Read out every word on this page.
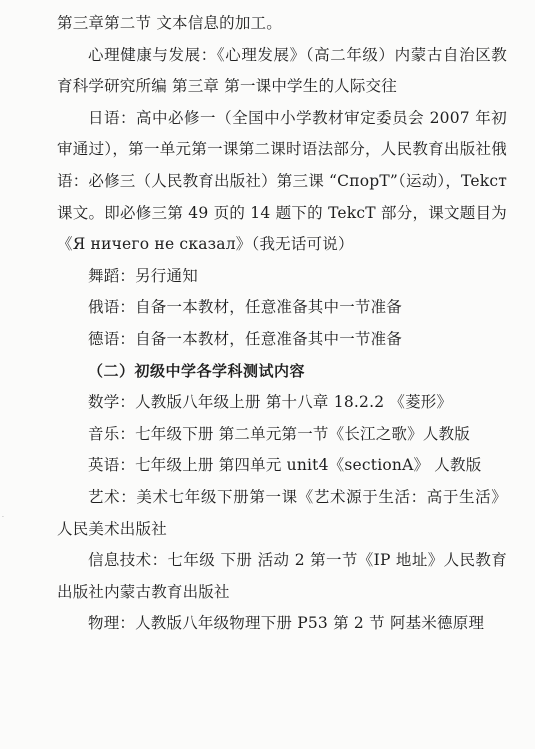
第三章第二节 文本信息的加工。

心理健康与发展：《心理发展》（高二年级）内蒙古自治区教育科学研究所编 第三章 第一课中学生的人际交往

日语：高中必修一（全国中小学教材审定委员会 2007 年初审通过），第一单元第一课第二课时语法部分，人民教育出版社俄语：必修三（人民教育出版社）第三课 “СпорТ”（运动），Tekcт 课文。即必修三第 49 页的 14 题下的 TekcT 部分，课文题目为《Я ничего не сказал》（我无话可说）

舞蹈：另行通知

俄语：自备一本教材，任意准备其中一节准备

德语：自备一本教材，任意准备其中一节准备

（二）初级中学各学科测试内容

数学：人教版八年级上册 第十八章 18.2.2 《菱形》

音乐：七年级下册 第二单元第一节《长江之歌》人教版

英语：七年级上册 第四单元 unit4《sectionA》 人教版

艺术：美术七年级下册第一课《艺术源于生活：高于生活》人民美术出版社

信息技术：七年级 下册 活动 2 第一节《IP 地址》人民教育出版社内蒙古教育出版社

物理：人教版八年级物理下册 P53 第 2 节 阿基米德原理

·
